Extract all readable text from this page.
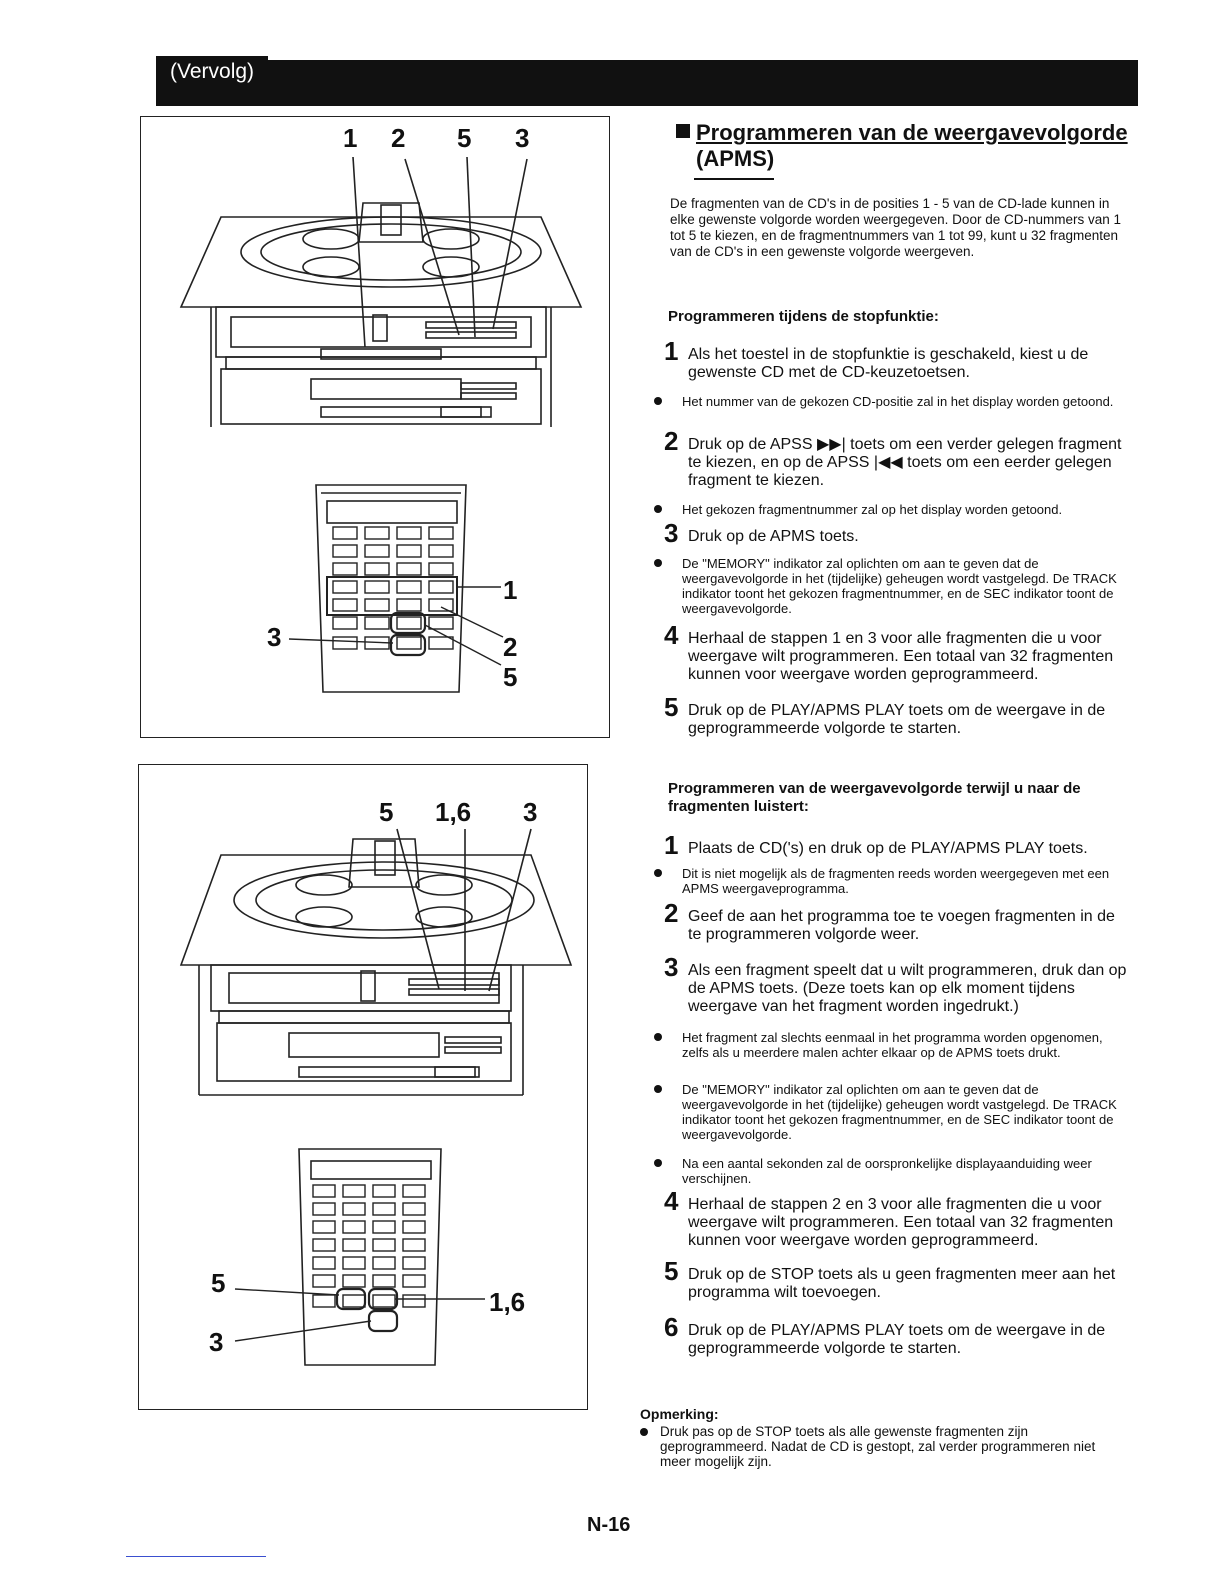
(Vervolg)
1 2 5 3
1
2
5
3
5 1,6 3
5
3
1,6
Programmeren van de weergavevolgorde
(APMS)
De fragmenten van de CD's in de posities 1 - 5 van de CD-lade kunnen in elke gewenste volgorde worden weergegeven. Door de CD-nummers van 1 tot 5 te kiezen, en de fragmentnummers van 1 tot 99, kunt u 32 fragmenten van de CD's in een gewenste volgorde weergeven.
Programmeren tijdens de stopfunktie:
1 Als het toestel in de stopfunktie is geschakeld, kiest u de gewenste CD met de CD-keuzetoetsen.
Het nummer van de gekozen CD-positie zal in het display worden getoond.
2 Druk op de APSS ▶▶| toets om een verder gelegen fragment te kiezen, en op de APSS |◀◀ toets om een eerder gelegen fragment te kiezen.
Het gekozen fragmentnummer zal op het display worden getoond.
3 Druk op de APMS toets.
De "MEMORY" indikator zal oplichten om aan te geven dat de weergavevolgorde in het (tijdelijke) geheugen wordt vastgelegd. De TRACK indikator toont het gekozen fragmentnummer, en de SEC indikator toont de weergavevolgorde.
4 Herhaal de stappen 1 en 3 voor alle fragmenten die u voor weergave wilt programmeren. Een totaal van 32 fragmenten kunnen voor weergave worden geprogrammeerd.
5 Druk op de PLAY/APMS PLAY toets om de weergave in de geprogrammeerde volgorde te starten.
Programmeren van de weergavevolgorde terwijl u naar de fragmenten luistert:
1 Plaats de CD('s) en druk op de PLAY/APMS PLAY toets.
Dit is niet mogelijk als de fragmenten reeds worden weergegeven met een APMS weergaveprogramma.
2 Geef de aan het programma toe te voegen fragmenten in de te programmeren volgorde weer.
3 Als een fragment speelt dat u wilt programmeren, druk dan op de APMS toets. (Deze toets kan op elk moment tijdens weergave van het fragment worden ingedrukt.)
Het fragment zal slechts eenmaal in het programma worden opgenomen, zelfs als u meerdere malen achter elkaar op de APMS toets drukt.
De "MEMORY" indikator zal oplichten om aan te geven dat de weergavevolgorde in het (tijdelijke) geheugen wordt vastgelegd. De TRACK indikator toont het gekozen fragmentnummer, en de SEC indikator toont de weergavevolgorde.
Na een aantal sekonden zal de oorspronkelijke displayaanduiding weer verschijnen.
4 Herhaal de stappen 2 en 3 voor alle fragmenten die u voor weergave wilt programmeren. Een totaal van 32 fragmenten kunnen voor weergave worden geprogrammeerd.
5 Druk op de STOP toets als u geen fragmenten meer aan het programma wilt toevoegen.
6 Druk op de PLAY/APMS PLAY toets om de weergave in de geprogrammeerde volgorde te starten.
Opmerking:
Druk pas op de STOP toets als alle gewenste fragmenten zijn geprogrammeerd. Nadat de CD is gestopt, zal verder programmeren niet meer mogelijk zijn.
N-16
